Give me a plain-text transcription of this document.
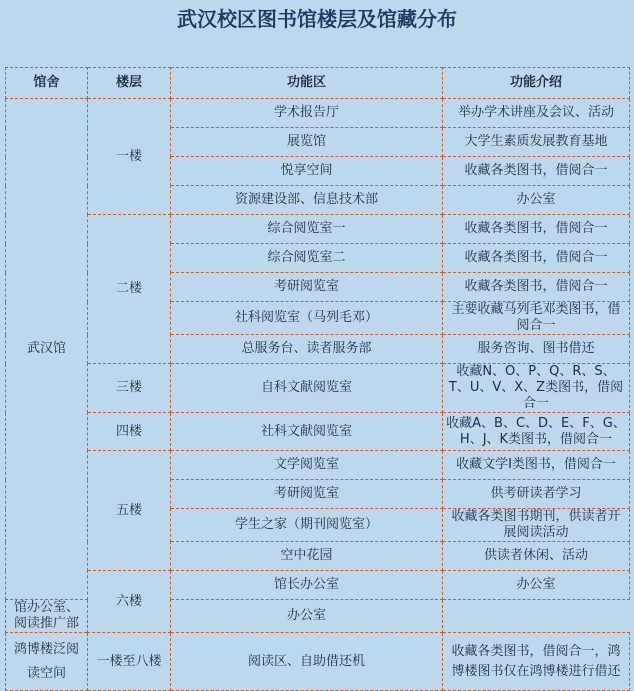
武汉校区图书馆楼层及馆藏分布
馆舍	楼层	功能区	功能介绍
武汉馆	一楼	学术报告厅	举办学术讲座及会议、活动
		展览馆	大学生素质发展教育基地
		悦享空间	收藏各类图书，借阅合一
		资源建设部、信息技术部	办公室
	二楼	综合阅览室一	收藏各类图书，借阅合一
		综合阅览室二	收藏各类图书，借阅合一
		考研阅览室	收藏各类图书，借阅合一
		社科阅览室（马列毛邓）	主要收藏马列毛邓类图书，借阅合一
		总服务台、读者服务部	服务咨询、图书借还
	三楼	自科文献阅览室	收藏N、O、P、Q、R、S、T、U、V、X、Z类图书，借阅合一
	四楼	社科文献阅览室	收藏A、B、C、D、E、F、G、H、J、K类图书，借阅合一
	五楼	文学阅览室	收藏文学I类图书，借阅合一
		考研阅览室	供考研读者学习
		学生之家（期刊阅览室）	收藏各类图书期刊，供读者开展阅读活动
		空中花园	供读者休闲、活动
	六楼	馆长办公室	办公室
馆办公室、阅读推广部		办公室	
鸿博楼泛阅读空间	一楼至八楼	阅读区、自助借还机	收藏各类图书，借阅合一，鸿博楼图书仅在鸿博楼进行借还
